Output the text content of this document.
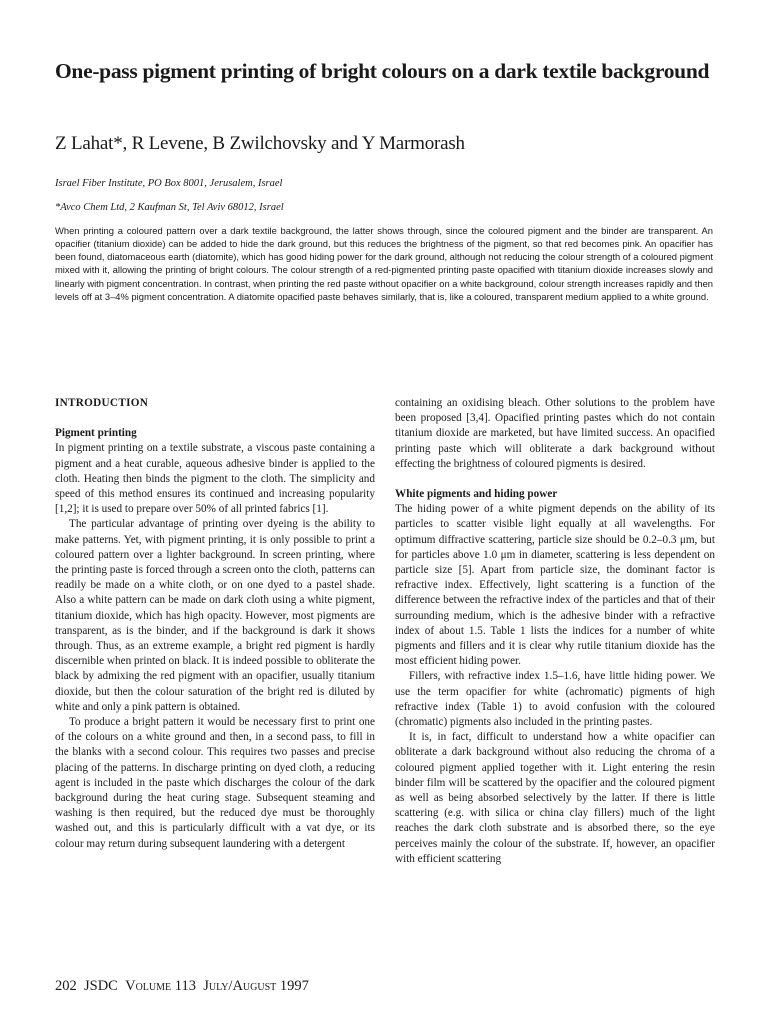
One-pass pigment printing of bright colours on a dark textile background
Z Lahat*, R Levene, B Zwilchovsky and Y Marmorash
Israel Fiber Institute, PO Box 8001, Jerusalem, Israel
*Avco Chem Ltd, 2 Kaufman St, Tel Aviv 68012, Israel

When printing a coloured pattern over a dark textile background, the latter shows through, since the coloured pigment and the binder are transparent. An opacifier (titanium dioxide) can be added to hide the dark ground, but this reduces the brightness of the pigment, so that red becomes pink. An opacifier has been found, diatomaceous earth (diatomite), which has good hiding power for the dark ground, although not reducing the colour strength of a coloured pigment mixed with it, allowing the printing of bright colours. The colour strength of a red-pigmented printing paste opacified with titanium dioxide increases slowly and linearly with pigment concentration. In contrast, when printing the red paste without opacifier on a white background, colour strength increases rapidly and then levels off at 3–4% pigment concentration. A diatomite opacified paste behaves similarly, that is, like a coloured, transparent medium applied to a white ground.

INTRODUCTION
Pigment printing

In pigment printing on a textile substrate, a viscous paste containing a pigment and a heat curable, aqueous adhesive binder is applied to the cloth. Heating then binds the pigment to the cloth. The simplicity and speed of this method ensures its continued and increasing popularity [1,2]; it is used to prepare over 50% of all printed fabrics [1].

The particular advantage of printing over dyeing is the ability to make patterns. Yet, with pigment printing, it is only possible to print a coloured pattern over a lighter background. In screen printing, where the printing paste is forced through a screen onto the cloth, patterns can readily be made on a white cloth, or on one dyed to a pastel shade. Also a white pattern can be made on dark cloth using a white pigment, titanium dioxide, which has high opacity. However, most pigments are transparent, as is the binder, and if the background is dark it shows through. Thus, as an extreme example, a bright red pigment is hardly discernible when printed on black. It is indeed possible to obliterate the black by admixing the red pigment with an opacifier, usually titanium dioxide, but then the colour saturation of the bright red is diluted by white and only a pink pattern is obtained.

To produce a bright pattern it would be necessary first to print one of the colours on a white ground and then, in a second pass, to fill in the blanks with a second colour. This requires two passes and precise placing of the patterns. In discharge printing on dyed cloth, a reducing agent is included in the paste which discharges the colour of the dark background during the heat curing stage. Subsequent steaming and washing is then required, but the reduced dye must be thoroughly washed out, and this is particularly difficult with a vat dye, or its colour may return during subsequent laundering with a detergent

containing an oxidising bleach. Other solutions to the problem have been proposed [3,4]. Opacified printing pastes which do not contain titanium dioxide are marketed, but have limited success. An opacified printing paste which will obliterate a dark background without effecting the brightness of coloured pigments is desired.

White pigments and hiding power

The hiding power of a white pigment depends on the ability of its particles to scatter visible light equally at all wavelengths. For optimum diffractive scattering, particle size should be 0.2–0.3 μm, but for particles above 1.0 μm in diameter, scattering is less dependent on particle size [5]. Apart from particle size, the dominant factor is refractive index. Effectively, light scattering is a function of the difference between the refractive index of the particles and that of their surrounding medium, which is the adhesive binder with a refractive index of about 1.5. Table 1 lists the indices for a number of white pigments and fillers and it is clear why rutile titanium dioxide has the most efficient hiding power.

Fillers, with refractive index 1.5–1.6, have little hiding power. We use the term opacifier for white (achromatic) pigments of high refractive index (Table 1) to avoid confusion with the coloured (chromatic) pigments also included in the printing pastes.

It is, in fact, difficult to understand how a white opacifier can obliterate a dark background without also reducing the chroma of a coloured pigment applied together with it. Light entering the resin binder film will be scattered by the opacifier and the coloured pigment as well as being absorbed selectively by the latter. If there is little scattering (e.g. with silica or china clay fillers) much of the light reaches the dark cloth substrate and is absorbed there, so the eye perceives mainly the colour of the substrate. If, however, an opacifier with efficient scattering

202 JSDC Volume 113 July/August 1997
